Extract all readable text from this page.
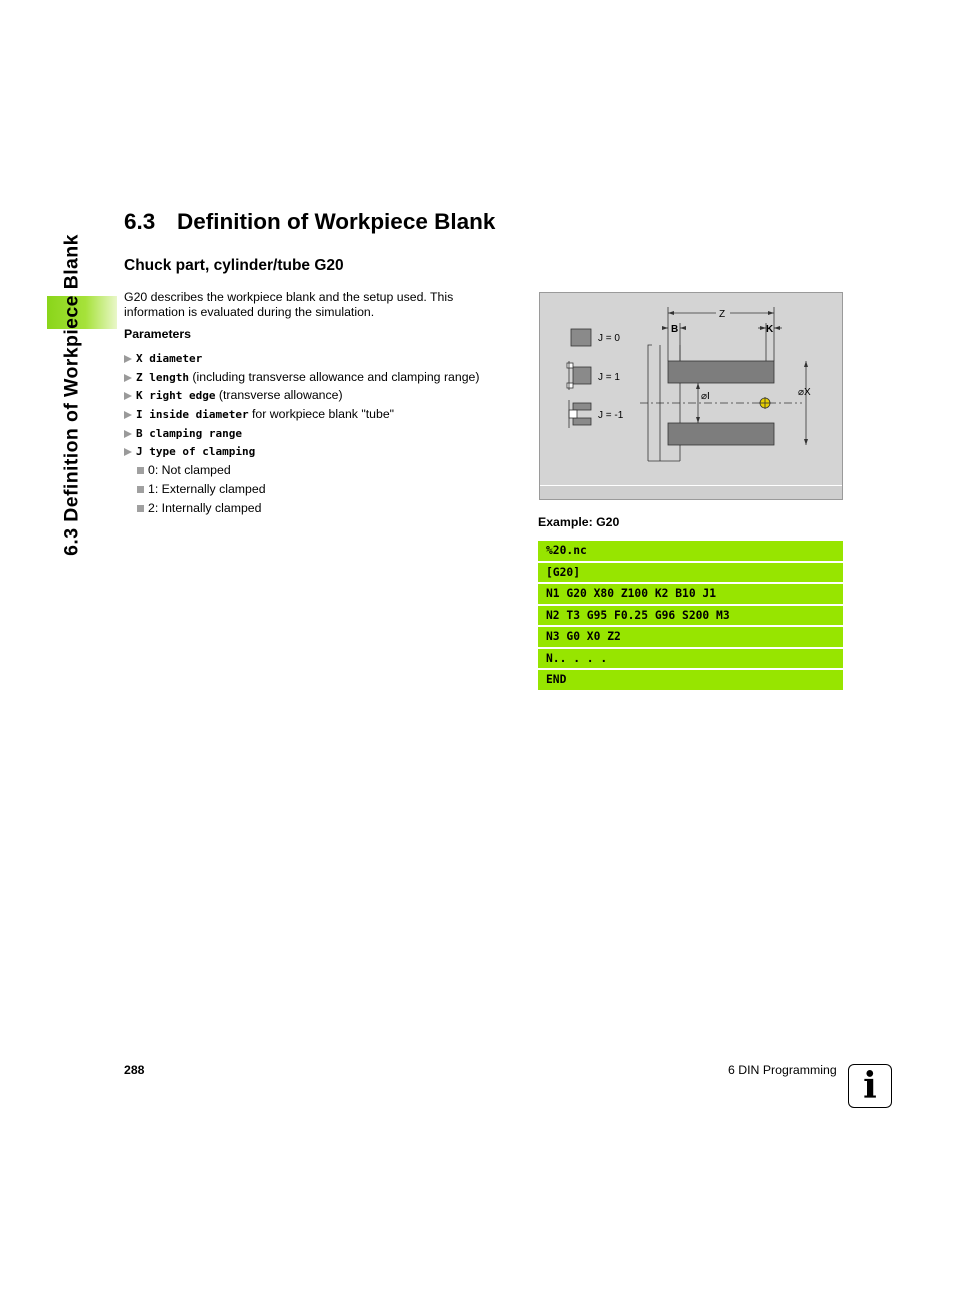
6.3 Definition of Workpiece Blank
6.3 Definition of Workpiece Blank
Chuck part, cylinder/tube G20

G20 describes the workpiece blank and the setup used. This information is evaluated during the simulation.

Parameters

X diameter
Z length (including transverse allowance and clamping range)
K right edge (transverse allowance)
I inside diameter for workpiece blank "tube"
B clamping range
J type of clamping
0: Not clamped
1: Externally clamped
2: Internally clamped
J = 0
J = 1
J = -1
Z
B	K
⌀I	⌀X

Example: G20

%20.nc
[G20]
N1 G20 X80 Z100 K2 B10 J1
N2 T3 G95 F0.25 G96 S200 M3
N3 G0 X0 Z2
N.. . . .
END

288	6 DIN Programming i
